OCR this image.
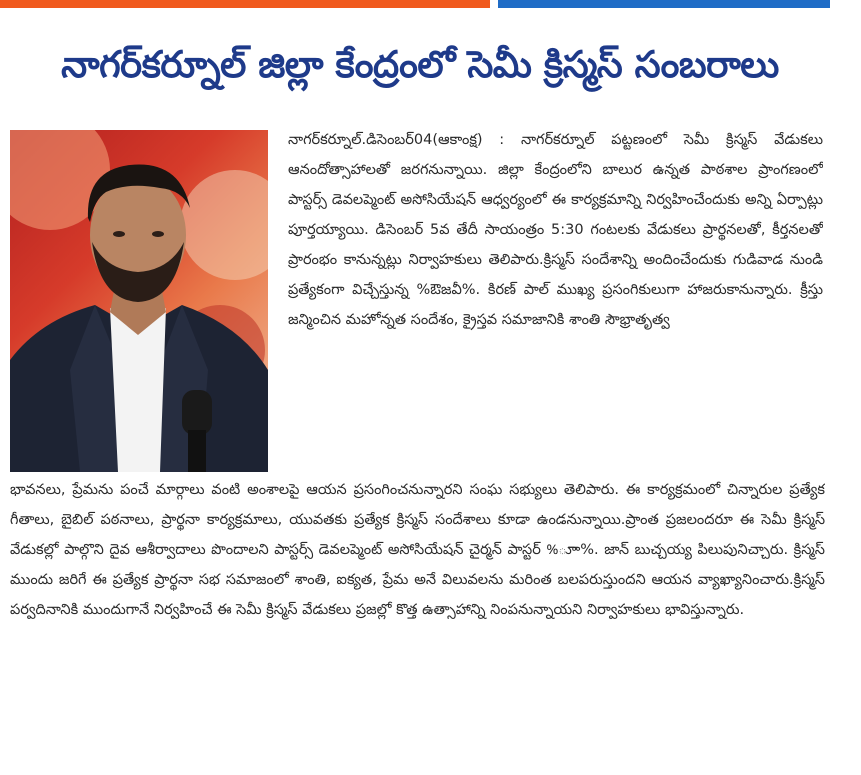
నాగర్‌కర్నూల్ జిల్లా కేంద్రంలో సెమీ క్రిస్మస్ సంబరాలు

నాగర్‌కర్నూల్.డిసెంబర్04(ఆకాంక్ష) : నాగర్‌కర్నూల్ పట్టణంలో సెమీ క్రిస్మస్ వేడుకలు ఆనందోత్సాహాలతో జరగనున్నాయి. జిల్లా కేంద్రంలోని బాలుర ఉన్నత పాఠశాల ప్రాంగణంలో పాస్టర్స్ డెవలప్మెంట్ అసోసియేషన్ ఆధ్వర్యంలో ఈ కార్యక్రమాన్ని నిర్వహించేందుకు అన్ని ఏర్పాట్లు పూర్తయ్యాయి. డిసెంబర్ 5వ తేదీ సాయంత్రం 5:30 గంటలకు వేడుకలు ప్రార్థనలతో, కీర్తనలతో ప్రారంభం కానున్నట్లు నిర్వాహకులు తెలిపారు.క్రిస్మస్ సందేశాన్ని అందించేందుకు గుడివాడ నుండి ప్రత్యేకంగా విచ్చేస్తున్న %ఔజవీ%. కిరణ్ పాల్ ముఖ్య ప్రసంగికులుగా హాజరుకానున్నారు. క్రీస్తు జన్మించిన మహోన్నత సందేశం, క్రైస్తవ సమాజానికి శాంతి సౌభ్రాతృత్వ

భావనలు, ప్రేమను పంచే మార్గాలు వంటి అంశాలపై ఆయన ప్రసంగించనున్నారని సంఘ సభ్యులు తెలిపారు. ఈ కార్యక్రమంలో చిన్నారుల ప్రత్యేక గీతాలు, బైబిల్ పఠనాలు, ప్రార్థనా కార్యక్రమాలు, యువతకు ప్రత్యేక క్రిస్మస్ సందేశాలు కూడా ఉండనున్నాయి.ప్రాంత ప్రజలందరూ ఈ సెమీ క్రిస్మస్ వేడుకల్లో పాల్గొని దైవ ఆశీర్వాదాలు పొందాలని పాస్టర్స్ డెవలప్మెంట్ అసోసియేషన్ చైర్మన్ పాస్టర్ %ూా%. జాన్ బుచ్చయ్య పిలుపునిచ్చారు. క్రిస్మస్ ముందు జరిగే ఈ ప్రత్యేక ప్రార్థనా సభ సమాజంలో శాంతి, ఐక్యత, ప్రేమ అనే విలువలను మరింత బలపరుస్తుందని ఆయన వ్యాఖ్యానించారు.క్రిస్మస్ పర్వదినానికి ముందుగానే నిర్వహించే ఈ సెమీ క్రిస్మస్ వేడుకలు ప్రజల్లో కొత్త ఉత్సాహాన్ని నింపనున్నాయని నిర్వాహకులు భావిస్తున్నారు.
